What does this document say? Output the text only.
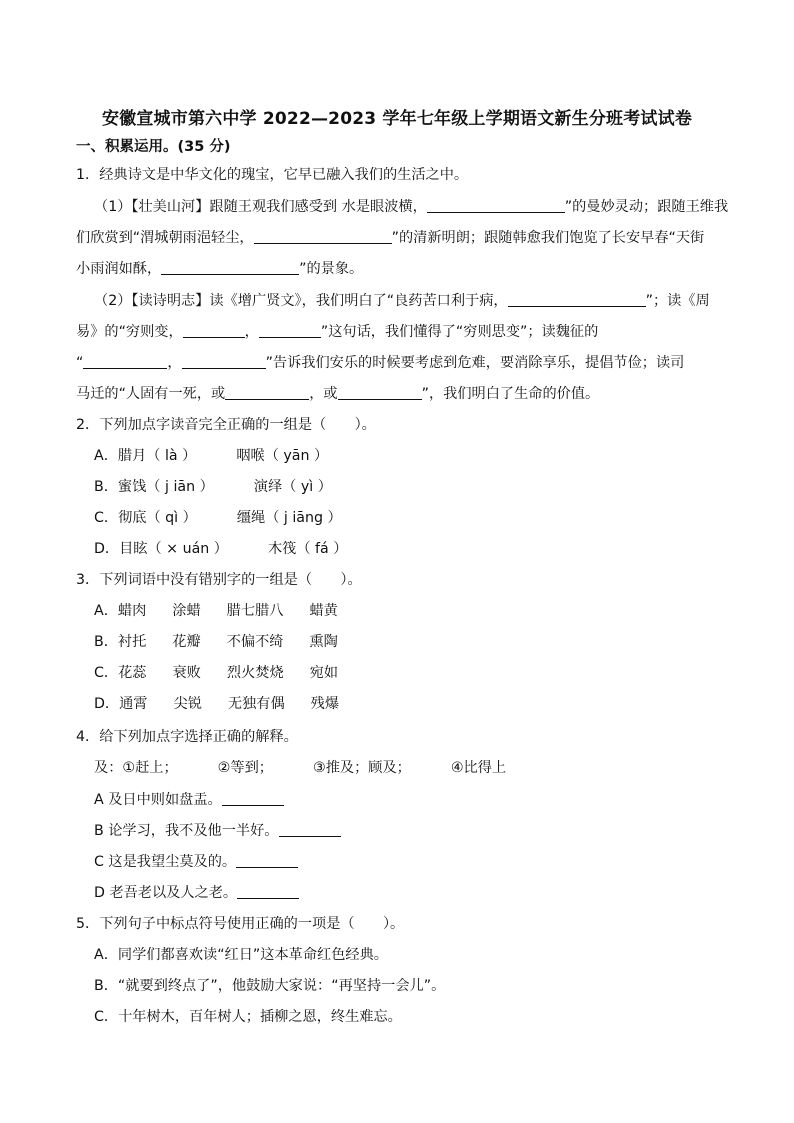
安徽宣城市第六中学 2022—2023 学年七年级上学期语文新生分班考试试卷
一、积累运用。(35 分)
1．经典诗文是中华文化的瑰宝，它早已融入我们的生活之中。
（1）【壮美山河】跟随王观我们感受到 水是眼波横，	”的曼妙灵动；跟随王维我
们欣赏到“渭城朝雨浥轻尘，	”的清新明朗；跟随韩愈我们饱览了长安早春“天街
小雨润如酥，	”的景象。
（2）【读诗明志】读《增广贤文》，我们明白了“良药苦口利于病，	”；读《周
易》的“穷则变，	，	”这句话，我们懂得了“穷则思变”；读魏征的
“	，	”告诉我们安乐的时候要考虑到危难，要消除享乐，提倡节俭；读司
马迁的“人固有一死，或	，或	”，我们明白了生命的价值。
2．下列加点字读音完全正确的一组是（　　）。
A．腊月（ là ）	咽喉（ yān ）
B．蜜饯（ j iān ）	演绎（ yì ）
C．彻底（ qì ）	缰绳（ j iāng ）
D．目眩（ × uán ）	木筏（ fá ）
3．下列词语中没有错别字的一组是（　　）。
A．蜡肉 涂蜡 腊七腊八 蜡黄
B．衬托 花瓣 不偏不绮 熏陶
C．花蕊 衰败 烈火焚烧 宛如
D．通霄 尖锐 无独有偶 残爆
4．给下列加点字选择正确的解释。
及：①赶上；	②等到；	③推及；顾及；	④比得上
A 及日中则如盘盂。
B 论学习，我不及他一半好。
C 这是我望尘莫及的。
D 老吾老以及人之老。
5．下列句子中标点符号使用正确的一项是（　　）。
A．同学们都喜欢读“红日”这本革命红色经典。
B．“就要到终点了”，他鼓励大家说：“再坚持一会儿”。
C．十年树木，百年树人；插柳之恩，终生难忘。
